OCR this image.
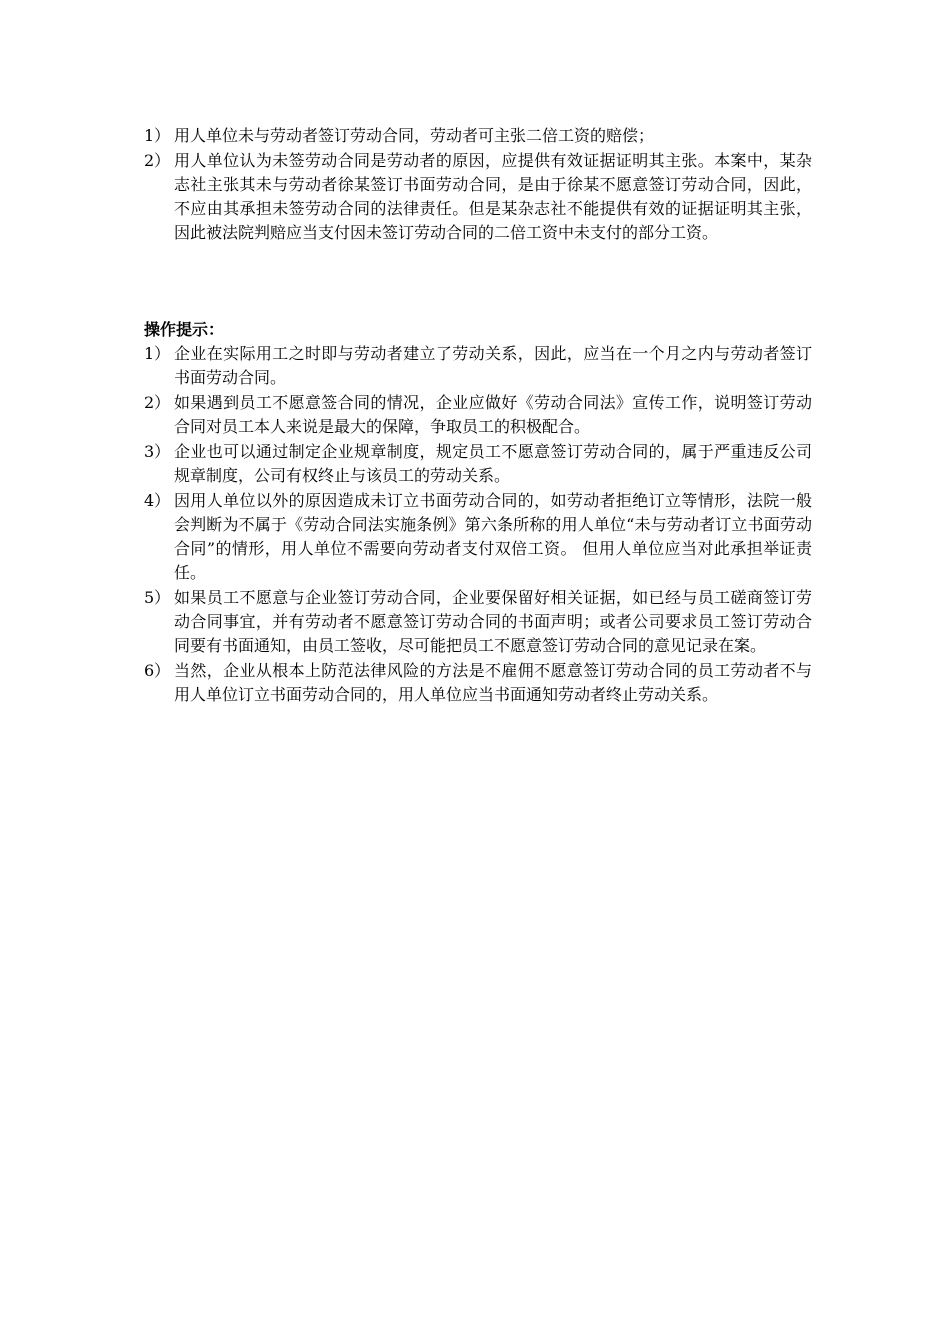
1） 用人单位未与劳动者签订劳动合同，劳动者可主张二倍工资的赔偿；
2） 用人单位认为未签劳动合同是劳动者的原因，应提供有效证据证明其主张。本案中，某杂志社主张其未与劳动者徐某签订书面劳动合同，是由于徐某不愿意签订劳动合同，因此，不应由其承担未签劳动合同的法律责任。但是某杂志社不能提供有效的证据证明其主张，因此被法院判赔应当支付因未签订劳动合同的二倍工资中未支付的部分工资。
操作提示：
1） 企业在实际用工之时即与劳动者建立了劳动关系，因此，应当在一个月之内与劳动者签订书面劳动合同。
2） 如果遇到员工不愿意签合同的情况，企业应做好《劳动合同法》宣传工作，说明签订劳动合同对员工本人来说是最大的保障，争取员工的积极配合。
3） 企业也可以通过制定企业规章制度，规定员工不愿意签订劳动合同的，属于严重违反公司规章制度，公司有权终止与该员工的劳动关系。
4） 因用人单位以外的原因造成未订立书面劳动合同的，如劳动者拒绝订立等情形，法院一般会判断为不属于《劳动合同法实施条例》第六条所称的用人单位“未与劳动者订立书面劳动合同”的情形，用人单位不需要向劳动者支付双倍工资。 但用人单位应当对此承担举证责任。
5） 如果员工不愿意与企业签订劳动合同，企业要保留好相关证据，如已经与员工磋商签订劳动合同事宜，并有劳动者不愿意签订劳动合同的书面声明；或者公司要求员工签订劳动合同要有书面通知，由员工签收，尽可能把员工不愿意签订劳动合同的意见记录在案。
6） 当然，企业从根本上防范法律风险的方法是不雇佣不愿意签订劳动合同的员工劳动者不与用人单位订立书面劳动合同的，用人单位应当书面通知劳动者终止劳动关系。
